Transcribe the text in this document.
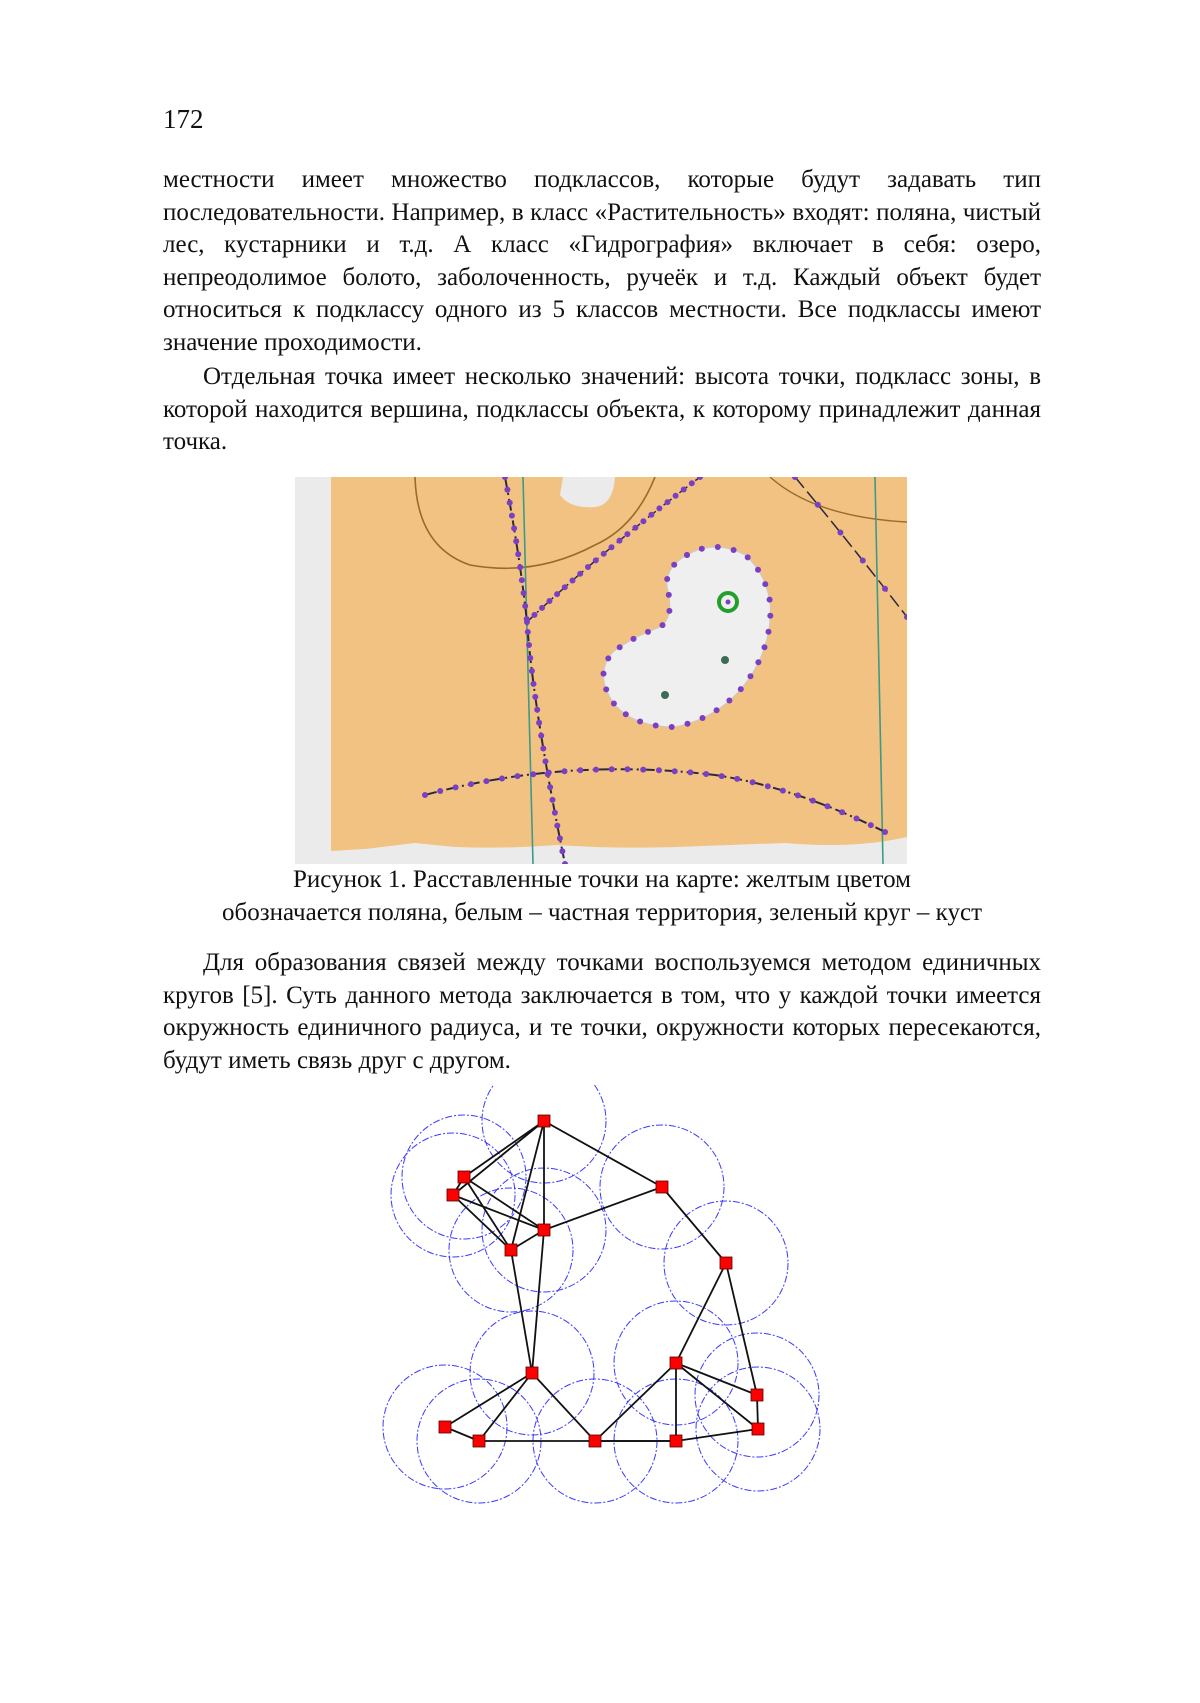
172

местности имеет множество подклассов, которые будут задавать тип последовательности. Например, в класс «Растительность» входят: поляна, чистый лес, кустарники и т.д. А класс «Гидрография» включает в себя: озеро, непреодолимое болото, заболоченность, ручеёк и т.д. Каждый объект будет относиться к подклассу одного из 5 классов местности. Все подклассы имеют значение проходимости.

Отдельная точка имеет несколько значений: высота точки, подкласс зоны, в которой находится вершина, подклассы объекта, к которому принадлежит данная точка.

Рисунок 1. Расставленные точки на карте: желтым цветом
обозначается поляна, белым – частная территория, зеленый круг – куст

Для образования связей между точками воспользуемся методом единичных кругов [5]. Суть данного метода заключается в том, что у каждой точки имеется окружность единичного радиуса, и те точки, окружности которых пересекаются, будут иметь связь друг с другом.
